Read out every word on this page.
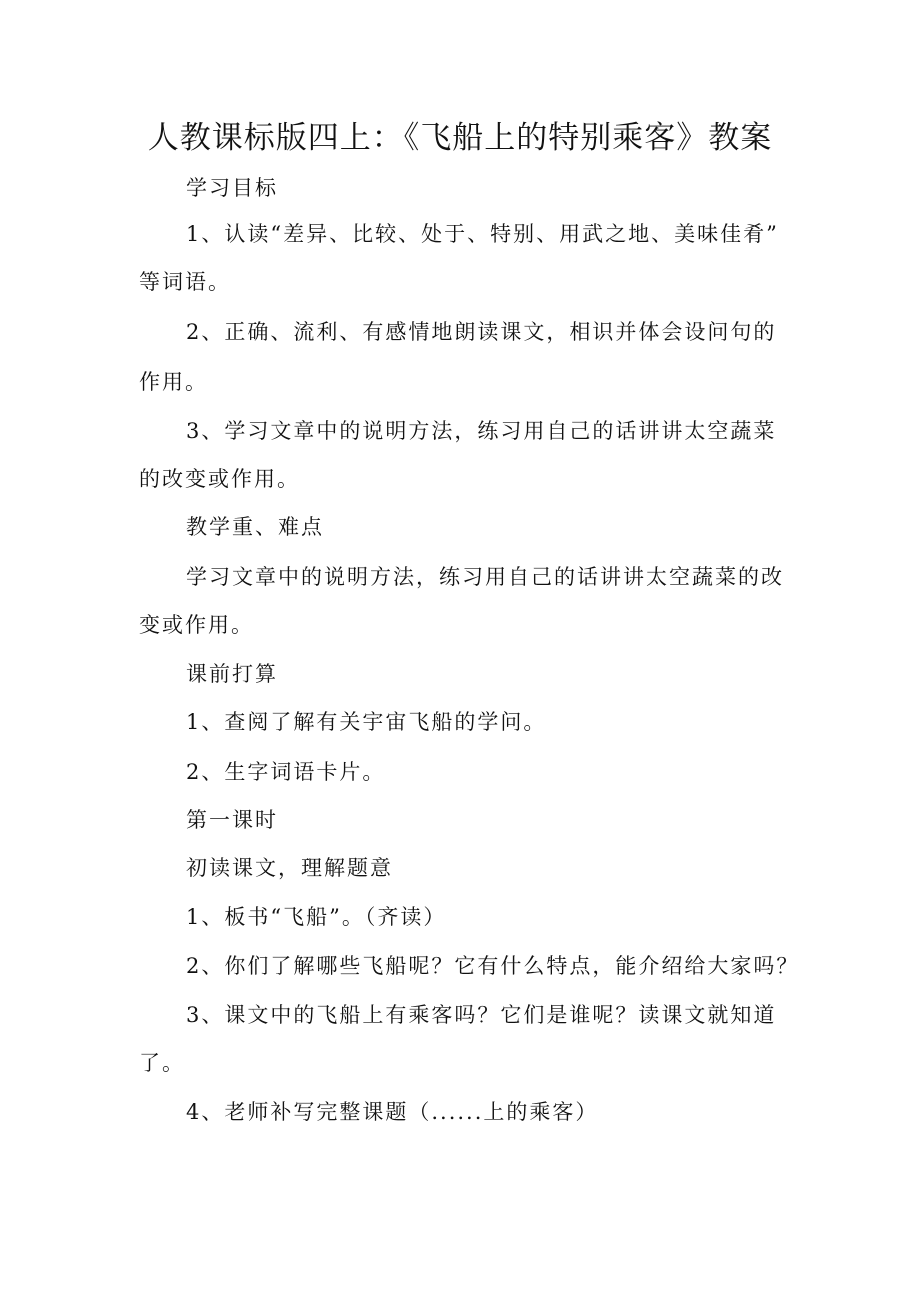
人教课标版四上：《飞船上的特别乘客》教案
学习目标
1、认读“差异、比较、处于、特别、用武之地、美味佳肴”
等词语。
2、正确、流利、有感情地朗读课文，相识并体会设问句的
作用。
3、学习文章中的说明方法，练习用自己的话讲讲太空蔬菜
的改变或作用。
教学重、难点
学习文章中的说明方法，练习用自己的话讲讲太空蔬菜的改
变或作用。
课前打算
1、查阅了解有关宇宙飞船的学问。
2、生字词语卡片。
第一课时
初读课文，理解题意
1、板书“飞船”。（齐读）
2、你们了解哪些飞船呢？它有什么特点，能介绍给大家吗？
3、课文中的飞船上有乘客吗？它们是谁呢？读课文就知道
了。
4、老师补写完整课题（......上的乘客）
